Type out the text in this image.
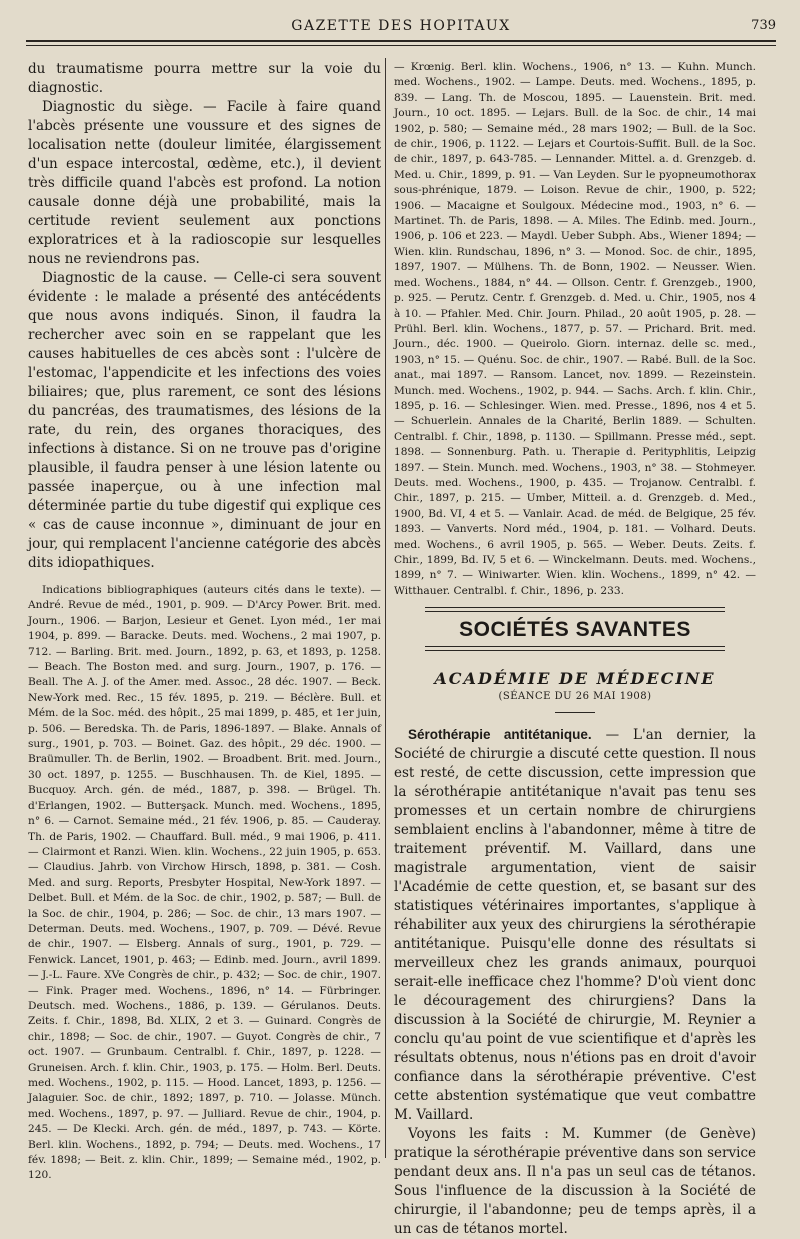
GAZETTE DES HOPITAUX	739

du traumatisme pourra mettre sur la voie du diagnostic.

Diagnostic du siège. — Facile à faire quand l'abcès présente une voussure et des signes de localisation nette (douleur limitée, élargissement d'un espace intercostal, œdème, etc.), il devient très difficile quand l'abcès est profond. La notion causale donne déjà une probabilité, mais la certitude revient seulement aux ponctions exploratrices et à la radioscopie sur lesquelles nous ne reviendrons pas.

Diagnostic de la cause. — Celle-ci sera souvent évidente : le malade a présenté des antécédents que nous avons indiqués. Sinon, il faudra la rechercher avec soin en se rappelant que les causes habituelles de ces abcès sont : l'ulcère de l'estomac, l'appendicite et les infections des voies biliaires; que, plus rarement, ce sont des lésions du pancréas, des traumatismes, des lésions de la rate, du rein, des organes thoraciques, des infections à distance. Si on ne trouve pas d'origine plausible, il faudra penser à une lésion latente ou passée inaperçue, ou à une infection mal déterminée partie du tube digestif qui explique ces « cas de cause inconnue », diminuant de jour en jour, qui remplacent l'ancienne catégorie des abcès dits idiopathiques.

Indications bibliographiques (auteurs cités dans le texte). — André. Revue de méd., 1901, p. 909. — D'Arcy Power. Brit. med. Journ., 1906. — Barjon, Lesieur et Genet. Lyon méd., 1er mai 1904, p. 899. — Baracke. Deuts. med. Wochens., 2 mai 1907, p. 712. — Barling. Brit. med. Journ., 1892, p. 63, et 1893, p. 1258. — Beach. The Boston med. and surg. Journ., 1907, p. 176. — Beall. The A. J. of the Amer. med. Assoc., 28 déc. 1907. — Beck. New-York med. Rec., 15 fév. 1895, p. 219. — Béclère. Bull. et Mém. de la Soc. méd. des hôpit., 25 mai 1899, p. 485, et 1er juin, p. 506. — Beredska. Th. de Paris, 1896-1897. — Blake. Annals of surg., 1901, p. 703. — Boinet. Gaz. des hôpit., 29 déc. 1900. — Braümuller. Th. de Berlin, 1902. — Broadbent. Brit. med. Journ., 30 oct. 1897, p. 1255. — Buschhausen. Th. de Kiel, 1895. — Bucquoy. Arch. gén. de méd., 1887, p. 398. — Brügel. Th. d'Erlangen, 1902. — Butterşack. Munch. med. Wochens., 1895, n° 6. — Carnot. Semaine méd., 21 fév. 1906, p. 85. — Cauderay. Th. de Paris, 1902. — Chauffard. Bull. méd., 9 mai 1906, p. 411. — Clairmont et Ranzi. Wien. klin. Wochens., 22 juin 1905, p. 653. — Claudius. Jahrb. von Virchow Hirsch, 1898, p. 381. — Cosh. Med. and surg. Reports, Presbyter Hospital, New-York 1897. — Delbet. Bull. et Mém. de la Soc. de chir., 1902, p. 587; — Bull. de la Soc. de chir., 1904, p. 286; — Soc. de chir., 13 mars 1907. — Determan. Deuts. med. Wochens., 1907, p. 709. — Dévé. Revue de chir., 1907. — Elsberg. Annals of surg., 1901, p. 729. — Fenwick. Lancet, 1901, p. 463; — Edinb. med. Journ., avril 1899. — J.-L. Faure. XVe Congrès de chir., p. 432; — Soc. de chir., 1907. — Fink. Prager med. Wochens., 1896, n° 14. — Fürbringer. Deutsch. med. Wochens., 1886, p. 139. — Gérulanos. Deuts. Zeits. f. Chir., 1898, Bd. XLIX, 2 et 3. — Guinard. Congrès de chir., 1898; — Soc. de chir., 1907. — Guyot. Congrès de chir., 7 oct. 1907. — Grunbaum. Centralbl. f. Chir., 1897, p. 1228. — Gruneisen. Arch. f. klin. Chir., 1903, p. 175. — Holm. Berl. Deuts. med. Wochens., 1902, p. 115. — Hood. Lancet, 1893, p. 1256. — Jalaguier. Soc. de chir., 1892; 1897, p. 710. — Jolasse. Münch. med. Wochens., 1897, p. 97. — Julliard. Revue de chir., 1904, p. 245. — De Klecki. Arch. gén. de méd., 1897, p. 743. — Körte. Berl. klin. Wochens., 1892, p. 794; — Deuts. med. Wochens., 17 fév. 1898; — Beit. z. klin. Chir., 1899; — Semaine méd., 1902, p. 120.

— Krœnig. Berl. klin. Wochens., 1906, n° 13. — Kuhn. Munch. med. Wochens., 1902. — Lampe. Deuts. med. Wochens., 1895, p. 839. — Lang. Th. de Moscou, 1895. — Lauenstein. Brit. med. Journ., 10 oct. 1895. — Lejars. Bull. de la Soc. de chir., 14 mai 1902, p. 580; — Semaine méd., 28 mars 1902; — Bull. de la Soc. de chir., 1906, p. 1122. — Lejars et Courtois-Suffit. Bull. de la Soc. de chir., 1897, p. 643-785. — Lennander. Mittel. a. d. Grenzgeb. d. Med. u. Chir., 1899, p. 91. — Van Leyden. Sur le pyopneumothorax sous-phrénique, 1879. — Loison. Revue de chir., 1900, p. 522; 1906. — Macaigne et Soulgoux. Médecine mod., 1903, n° 6. — Martinet. Th. de Paris, 1898. — A. Miles. The Edinb. med. Journ., 1906, p. 106 et 223. — Maydl. Ueber Subph. Abs., Wiener 1894; — Wien. klin. Rundschau, 1896, n° 3. — Monod. Soc. de chir., 1895, 1897, 1907. — Mülhens. Th. de Bonn, 1902. — Neusser. Wien. med. Wochens., 1884, n° 44. — Ollson. Centr. f. Grenzgeb., 1900, p. 925. — Perutz. Centr. f. Grenzgeb. d. Med. u. Chir., 1905, nos 4 à 10. — Pfahler. Med. Chir. Journ. Philad., 20 août 1905, p. 28. — Prühl. Berl. klin. Wochens., 1877, p. 57. — Prichard. Brit. med. Journ., déc. 1900. — Queirolo. Giorn. internaz. delle sc. med., 1903, n° 15. — Quénu. Soc. de chir., 1907. — Rabé. Bull. de la Soc. anat., mai 1897. — Ransom. Lancet, nov. 1899. — Rezeinstein. Munch. med. Wochens., 1902, p. 944. — Sachs. Arch. f. klin. Chir., 1895, p. 16. — Schlesinger. Wien. med. Presse., 1896, nos 4 et 5. — Schuerlein. Annales de la Charité, Berlin 1889. — Schulten. Centralbl. f. Chir., 1898, p. 1130. — Spillmann. Presse méd., sept. 1898. — Sonnenburg. Path. u. Therapie d. Perityphlitis, Leipzig 1897. — Stein. Munch. med. Wochens., 1903, n° 38. — Stohmeyer. Deuts. med. Wochens., 1900, p. 435. — Trojanow. Centralbl. f. Chir., 1897, p. 215. — Umber, Mitteil. a. d. Grenzgeb. d. Med., 1900, Bd. VI, 4 et 5. — Vanlair. Acad. de méd. de Belgique, 25 fév. 1893. — Vanverts. Nord méd., 1904, p. 181. — Volhard. Deuts. med. Wochens., 6 avril 1905, p. 565. — Weber. Deuts. Zeits. f. Chir., 1899, Bd. IV, 5 et 6. — Winckelmann. Deuts. med. Wochens., 1899, n° 7. — Winiwarter. Wien. klin. Wochens., 1899, n° 42. — Witthauer. Centralbl. f. Chir., 1896, p. 233.

SOCIÉTÉS SAVANTES
ACADÉMIE DE MÉDECINE
(SÉANCE DU 26 MAI 1908)

Sérothérapie antitétanique. — L'an dernier, la Société de chirurgie a discuté cette question. Il nous est resté, de cette discussion, cette impression que la sérothérapie antitétanique n'avait pas tenu ses promesses et un certain nombre de chirurgiens semblaient enclins à l'abandonner, même à titre de traitement préventif. M. Vaillard, dans une magistrale argumentation, vient de saisir l'Académie de cette question, et, se basant sur des statistiques vétérinaires importantes, s'applique à réhabiliter aux yeux des chirurgiens la sérothérapie antitétanique. Puisqu'elle donne des résultats si merveilleux chez les grands animaux, pourquoi serait-elle inefficace chez l'homme? D'où vient donc le découragement des chirurgiens? Dans la discussion à la Société de chirurgie, M. Reynier a conclu qu'au point de vue scientifique et d'après les résultats obtenus, nous n'étions pas en droit d'avoir confiance dans la sérothérapie préventive. C'est cette abstention systématique que veut combattre M. Vaillard.

Voyons les faits : M. Kummer (de Genève) pratique la sérothérapie préventive dans son service pendant deux ans. Il n'a pas un seul cas de tétanos. Sous l'influence de la discussion à la Société de chirurgie, il l'abandonne; peu de temps après, il a un cas de tétanos mortel.
